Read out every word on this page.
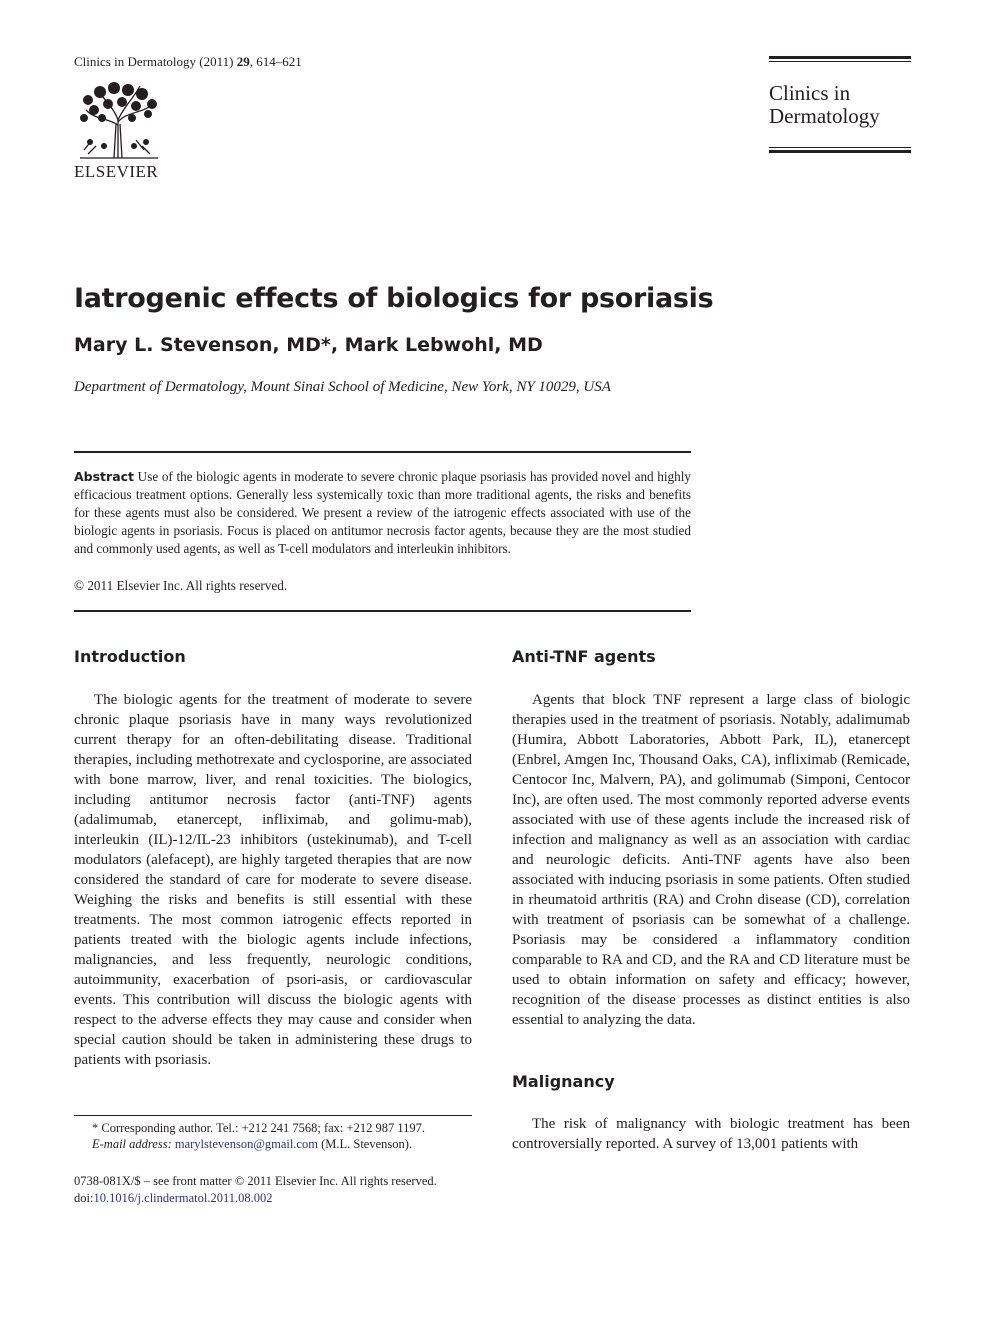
Clinics in Dermatology (2011) 29, 614–621
ELSEVIER
Clinics in
Dermatology
Iatrogenic effects of biologics for psoriasis
Mary L. Stevenson, MD*, Mark Lebwohl, MD
Department of Dermatology, Mount Sinai School of Medicine, New York, NY 10029, USA
Abstract Use of the biologic agents in moderate to severe chronic plaque psoriasis has provided novel and highly efficacious treatment options. Generally less systemically toxic than more traditional agents, the risks and benefits for these agents must also be considered. We present a review of the iatrogenic effects associated with use of the biologic agents in psoriasis. Focus is placed on antitumor necrosis factor agents, because they are the most studied and commonly used agents, as well as T-cell modulators and interleukin inhibitors.
© 2011 Elsevier Inc. All rights reserved.
Introduction

The biologic agents for the treatment of moderate to severe chronic plaque psoriasis have in many ways revolutionized current therapy for an often-debilitating disease. Traditional therapies, including methotrexate and cyclosporine, are associated with bone marrow, liver, and renal toxicities. The biologics, including antitumor necrosis factor (anti-TNF) agents (adalimumab, etanercept, infliximab, and golimu-mab), interleukin (IL)-12/IL-23 inhibitors (ustekinumab), and T-cell modulators (alefacept), are highly targeted therapies that are now considered the standard of care for moderate to severe disease. Weighing the risks and benefits is still essential with these treatments. The most common iatrogenic effects reported in patients treated with the biologic agents include infections, malignancies, and less frequently, neurologic conditions, autoimmunity, exacerbation of psori-asis, or cardiovascular events. This contribution will discuss the biologic agents with respect to the adverse effects they may cause and consider when special caution should be taken in administering these drugs to patients with psoriasis.

Anti-TNF agents

Agents that block TNF represent a large class of biologic therapies used in the treatment of psoriasis. Notably, adalimumab (Humira, Abbott Laboratories, Abbott Park, IL), etanercept (Enbrel, Amgen Inc, Thousand Oaks, CA), infliximab (Remicade, Centocor Inc, Malvern, PA), and golimumab (Simponi, Centocor Inc), are often used. The most commonly reported adverse events associated with use of these agents include the increased risk of infection and malignancy as well as an association with cardiac and neurologic deficits. Anti-TNF agents have also been associated with inducing psoriasis in some patients. Often studied in rheumatoid arthritis (RA) and Crohn disease (CD), correlation with treatment of psoriasis can be somewhat of a challenge. Psoriasis may be considered a inflammatory condition comparable to RA and CD, and the RA and CD literature must be used to obtain information on safety and efficacy; however, recognition of the disease processes as distinct entities is also essential to analyzing the data.

Malignancy

The risk of malignancy with biologic treatment has been controversially reported. A survey of 13,001 patients with

* Corresponding author. Tel.: +212 241 7568; fax: +212 987 1197.
E-mail address: marylstevenson@gmail.com (M.L. Stevenson).
0738-081X/$ – see front matter © 2011 Elsevier Inc. All rights reserved.
doi:10.1016/j.clindermatol.2011.08.002
